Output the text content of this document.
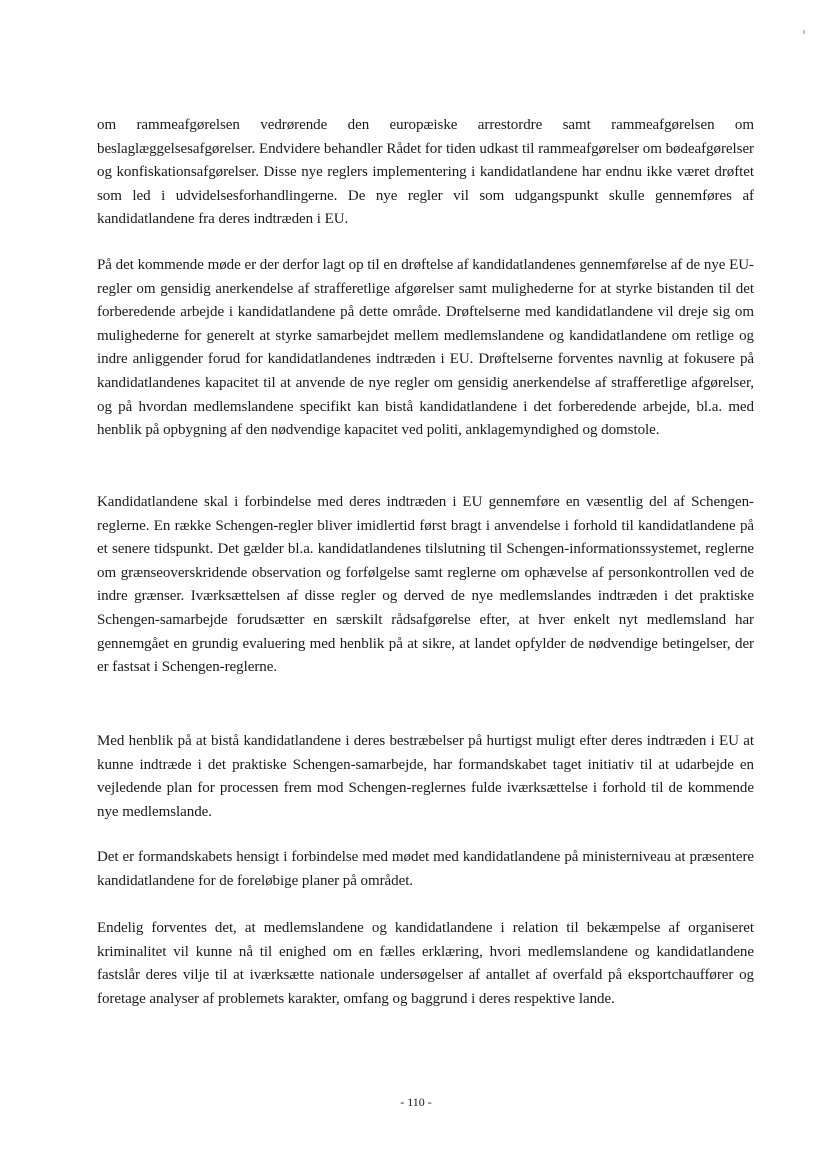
om rammeafgørelsen vedrørende den europæiske arrestordre samt rammeafgørelsen om beslaglæggelsesafgørelser. Endvidere behandler Rådet for tiden udkast til rammeafgørelser om bødeafgørelser og konfiskationsafgørelser. Disse nye reglers implementering i kandidatlandene har endnu ikke været drøftet som led i udvidelsesforhandlingerne. De nye regler vil som udgangspunkt skulle gennemføres af kandidatlandene fra deres indtræden i EU.

På det kommende møde er der derfor lagt op til en drøftelse af kandidatlandenes gennemførelse af de nye EU-regler om gensidig anerkendelse af strafferetlige afgørelser samt mulighederne for at styrke bistanden til det forberedende arbejde i kandidatlandene på dette område. Drøftelserne med kandidatlandene vil dreje sig om mulighederne for generelt at styrke samarbejdet mellem medlemslandene og kandidatlandene om retlige og indre anliggender forud for kandidatlandenes indtræden i EU. Drøftelserne forventes navnlig at fokusere på kandidatlandenes kapacitet til at anvende de nye regler om gensidig anerkendelse af strafferetlige afgørelser, og på hvordan medlemslandene specifikt kan bistå kandidatlandene i det forberedende arbejde, bl.a. med henblik på opbygning af den nødvendige kapacitet ved politi, anklagemyndighed og domstole.

Kandidatlandene skal i forbindelse med deres indtræden i EU gennemføre en væsentlig del af Schengen-reglerne. En række Schengen-regler bliver imidlertid først bragt i anvendelse i forhold til kandidatlandene på et senere tidspunkt. Det gælder bl.a. kandidatlandenes tilslutning til Schengen-informationssystemet, reglerne om grænseoverskridende observation og forfølgelse samt reglerne om ophævelse af personkontrollen ved de indre grænser. Iværksættelsen af disse regler og derved de nye medlemslandes indtræden i det praktiske Schengen-samarbejde forudsætter en særskilt rådsafgørelse efter, at hver enkelt nyt medlemsland har gennemgået en grundig evaluering med henblik på at sikre, at landet opfylder de nødvendige betingelser, der er fastsat i Schengen-reglerne.

Med henblik på at bistå kandidatlandene i deres bestræbelser på hurtigst muligt efter deres indtræden i EU at kunne indtræde i det praktiske Schengen-samarbejde, har formandskabet taget initiativ til at udarbejde en vejledende plan for processen frem mod Schengen-reglernes fulde iværksættelse i forhold til de kommende nye medlemslande.

Det er formandskabets hensigt i forbindelse med mødet med kandidatlandene på ministerniveau at præsentere kandidatlandene for de foreløbige planer på området.

Endelig forventes det, at medlemslandene og kandidatlandene i relation til bekæmpelse af organiseret kriminalitet vil kunne nå til enighed om en fælles erklæring, hvori medlemslandene og kandidatlandene fastslår deres vilje til at iværksætte nationale undersøgelser af antallet af overfald på eksportchauffører og foretage analyser af problemets karakter, omfang og baggrund i deres respektive lande.

- 110 -
